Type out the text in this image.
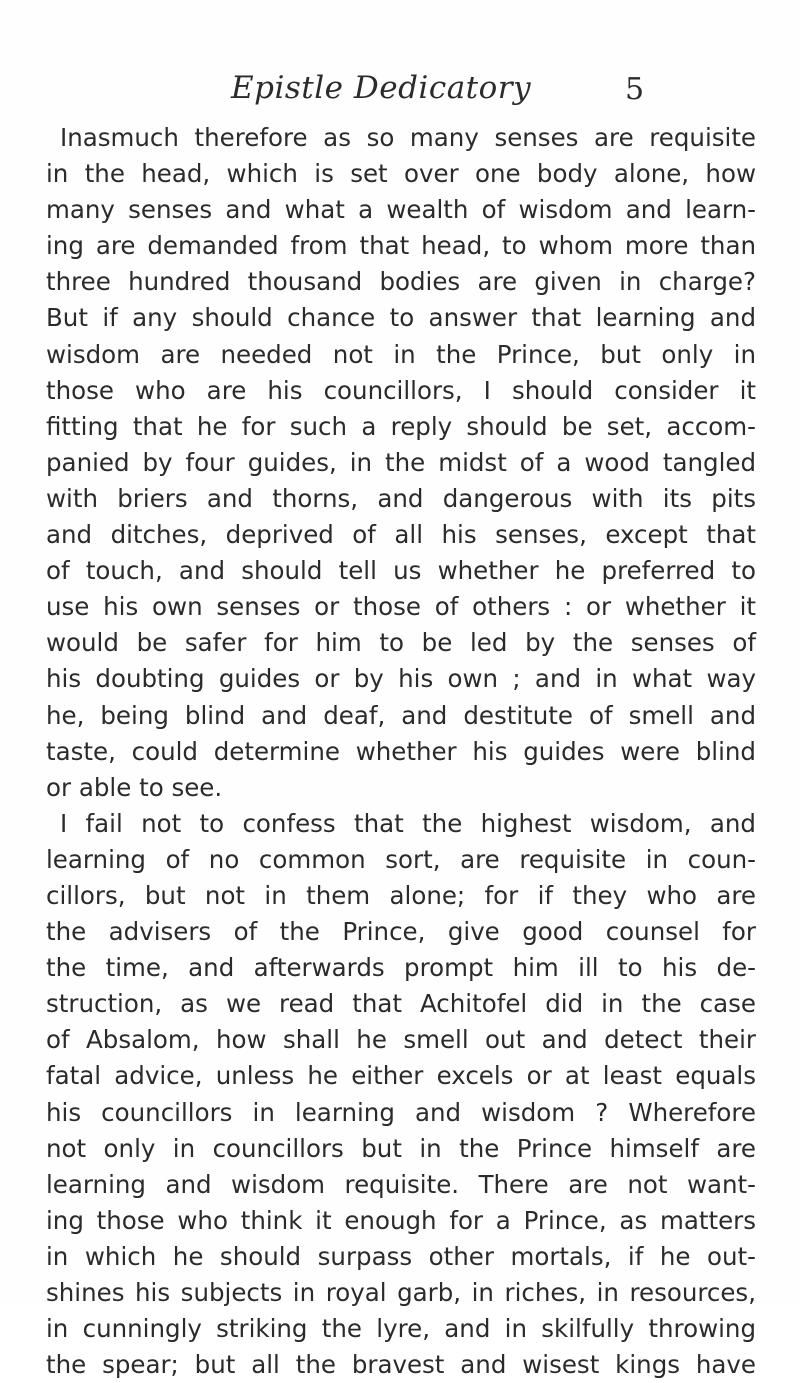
Epistle Dedicatory	5
Inasmuch therefore as so many senses are requisite
in the head, which is set over one body alone, how
many senses and what a wealth of wisdom and learn-
ing are demanded from that head, to whom more than
three hundred thousand bodies are given in charge?
But if any should chance to answer that learning and
wisdom are needed not in the Prince, but only in
those who are his councillors, I should consider it
fitting that he for such a reply should be set, accom-
panied by four guides, in the midst of a wood tangled
with briers and thorns, and dangerous with its pits
and ditches, deprived of all his senses, except that
of touch, and should tell us whether he preferred to
use his own senses or those of others : or whether it
would be safer for him to be led by the senses of
his doubting guides or by his own ; and in what way
he, being blind and deaf, and destitute of smell and
taste, could determine whether his guides were blind
or able to see.
I fail not to confess that the highest wisdom, and
learning of no common sort, are requisite in coun-
cillors, but not in them alone; for if they who are
the advisers of the Prince, give good counsel for
the time, and afterwards prompt him ill to his de-
struction, as we read that Achitofel did in the case
of Absalom, how shall he smell out and detect their
fatal advice, unless he either excels or at least equals
his councillors in learning and wisdom ? Wherefore
not only in councillors but in the Prince himself are
learning and wisdom requisite. There are not want-
ing those who think it enough for a Prince, as matters
in which he should surpass other mortals, if he out-
shines his subjects in royal garb, in riches, in resources,
in cunningly striking the lyre, and in skilfully throwing
the spear; but all the bravest and wisest kings have
